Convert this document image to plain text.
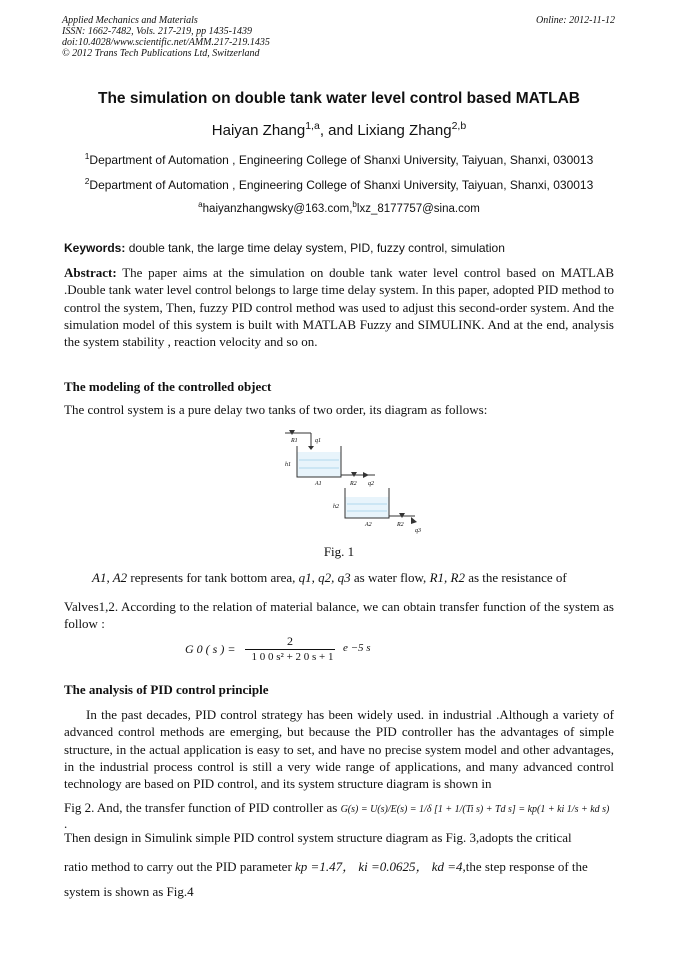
Applied Mechanics and Materials
ISSN: 1662-7482, Vols. 217-219, pp 1435-1439
doi:10.4028/www.scientific.net/AMM.217-219.1435
© 2012 Trans Tech Publications Ltd, Switzerland
Online: 2012-11-12
The simulation on double tank water level control based MATLAB
Haiyan Zhang$^{1,a}$, and Lixiang Zhang$^{2,b}$
$^1$Department of Automation , Engineering College of Shanxi University, Taiyuan, Shanxi, 030013
$^2$Department of Automation , Engineering College of Shanxi University, Taiyuan, Shanxi, 030013
$^a$haiyanzhangwsky@163.com,$^b$lxz_8177757@sina.com
Keywords: double tank, the large time delay system, PID, fuzzy control, simulation
Abstract: The paper aims at the simulation on double tank water level control based on MATLAB .Double tank water level control belongs to large time delay system. In this paper, adopted PID method to control the system, Then, fuzzy PID control method was used to adjust this second-order system. And the simulation model of this system is built with MATLAB Fuzzy and SIMULINK. And at the end, analysis the system stability , reaction velocity and so on.
The modeling of the controlled object
The control system is a pure delay two tanks of two order, its diagram as follows:
R1	q1
h1
A1	R2 q2
h2
A2	R2
q3
Fig. 1
A1, A2 represents for tank bottom area, q1, q2, q3 as water flow, R1, R2 as the resistance of
Valves1,2. According to the relation of material balance, we can obtain transfer function of the system as follow :
G 0 ( s ) =
2
1 0 0 s² + 2 0 s + 1
e −5 s
The analysis of PID control principle
In the past decades, PID control strategy has been widely used. in industrial .Although a variety of advanced control methods are emerging, but because the PID controller has the advantages of simple structure, in the actual application is easy to set, and have no precise system model and other advantages, in the industrial process control is still a very wide range of applications, and many advanced control technology are based on PID control, and its system structure diagram is shown in
Fig 2. And, the transfer function of PID controller as G(s) = U(s)/E(s) = 1/δ [1 + 1/(Ti s) + Td s] = kp(1 + ki 1/s + kd s) .
Then design in Simulink simple PID control system structure diagram as Fig. 3,adopts the critical
ratio method to carry out the PID parameter kp =1.47， ki =0.0625， kd =4,the step response of the
system is shown as Fig.4
